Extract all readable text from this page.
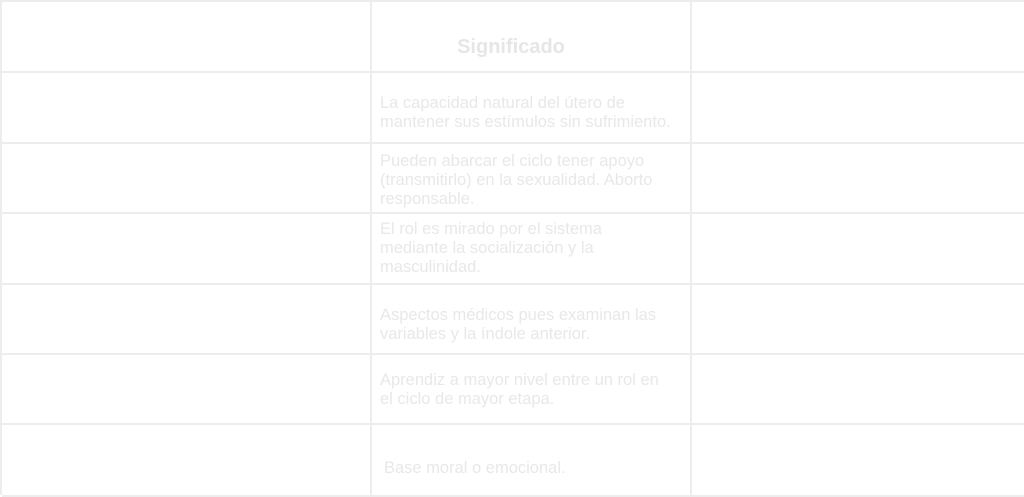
Significado
La capacidad natural del útero de
mantener sus estímulos sin sufrimiento.
Pueden abarcar el ciclo tener apoyo
(transmitirlo) en la sexualidad. Aborto
responsable.
El rol es mirado por el sistema
mediante la socialización y la
masculinidad.
Aspectos médicos pues examinan las
variables y la índole anterior.
Aprendiz a mayor nivel entre un rol en
el ciclo de mayor etapa.
Base moral o emocional.
